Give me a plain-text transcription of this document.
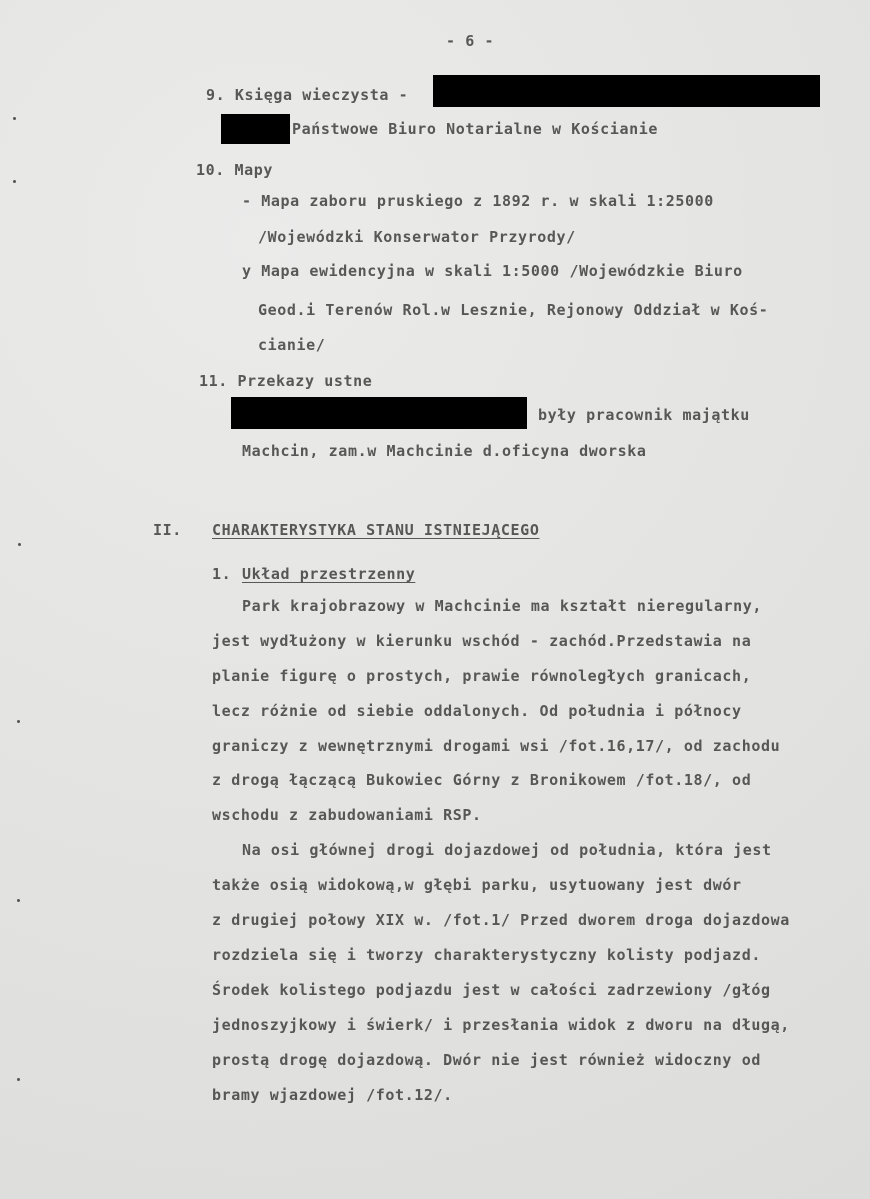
- 6 -
9. Księga wieczysta -
Państwowe Biuro Notarialne w Kościanie
10. Mapy
- Mapa zaboru pruskiego z 1892 r. w skali 1:25000
/Wojewódzki Konserwator Przyrody/
y Mapa ewidencyjna w skali 1:5000 /Wojewódzkie Biuro
Geod.i Terenów Rol.w Lesznie, Rejonowy Oddział w Koś-
cianie/
11. Przekazy ustne
były pracownik majątku
Machcin, zam.w Machcinie d.oficyna dworska
II. CHARAKTERYSTYKA STANU ISTNIEJĄCEGO
1. Układ przestrzenny
Park krajobrazowy w Machcinie ma kształt nieregularny,
jest wydłużony w kierunku wschód - zachód.Przedstawia na
planie figurę o prostych, prawie równoległych granicach,
lecz różnie od siebie oddalonych. Od południa i północy
graniczy z wewnętrznymi drogami wsi /fot.16,17/, od zachodu
z drogą łączącą Bukowiec Górny z Bronikowem /fot.18/, od
wschodu z zabudowaniami RSP.
Na osi głównej drogi dojazdowej od południa, która jest
także osią widokową,w głębi parku, usytuowany jest dwór
z drugiej połowy XIX w. /fot.1/ Przed dworem droga dojazdowa
rozdziela się i tworzy charakterystyczny kolisty podjazd.
Środek kolistego podjazdu jest w całości zadrzewiony /głóg
jednoszyjkowy i świerk/ i przesłania widok z dworu na długą,
prostą drogę dojazdową. Dwór nie jest również widoczny od
bramy wjazdowej /fot.12/.
